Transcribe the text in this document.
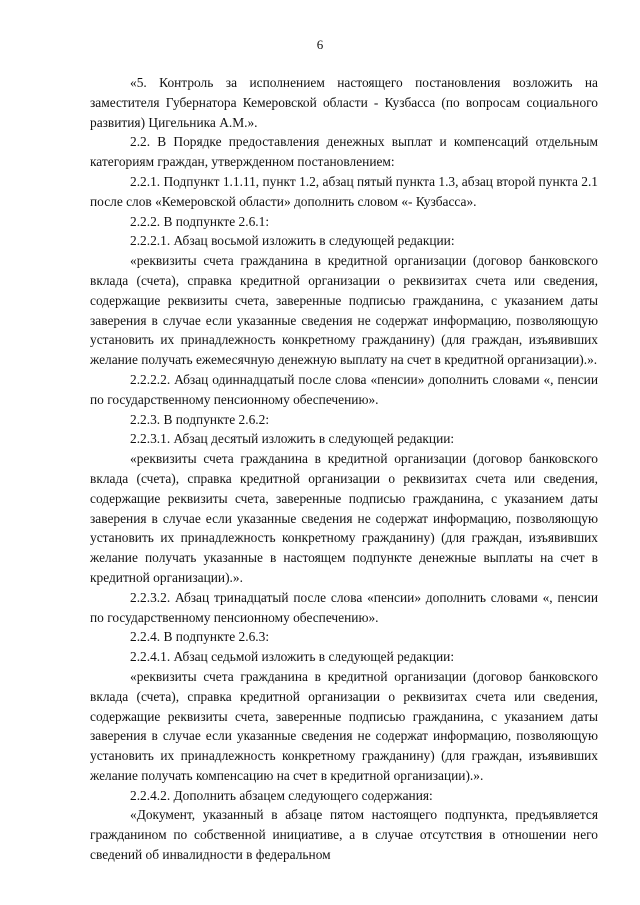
6

«5. Контроль за исполнением настоящего постановления возложить на заместителя Губернатора Кемеровской области - Кузбасса (по вопросам социального развития) Цигельника А.М.».

2.2. В Порядке предоставления денежных выплат и компенсаций отдельным категориям граждан, утвержденном постановлением:

2.2.1. Подпункт 1.1.11, пункт 1.2, абзац пятый пункта 1.3, абзац второй пункта 2.1 после слов «Кемеровской области» дополнить словом «- Кузбасса».

2.2.2. В подпункте 2.6.1:

2.2.2.1. Абзац восьмой изложить в следующей редакции:

«реквизиты счета гражданина в кредитной организации (договор банковского вклада (счета), справка кредитной организации о реквизитах счета или сведения, содержащие реквизиты счета, заверенные подписью гражданина, с указанием даты заверения в случае если указанные сведения не содержат информацию, позволяющую установить их принадлежность конкретному гражданину) (для граждан, изъявивших желание получать ежемесячную денежную выплату на счет в кредитной организации).».

2.2.2.2. Абзац одиннадцатый после слова «пенсии» дополнить словами «, пенсии по государственному пенсионному обеспечению».

2.2.3. В подпункте 2.6.2:

2.2.3.1. Абзац десятый изложить в следующей редакции:

«реквизиты счета гражданина в кредитной организации (договор банковского вклада (счета), справка кредитной организации о реквизитах счета или сведения, содержащие реквизиты счета, заверенные подписью гражданина, с указанием даты заверения в случае если указанные сведения не содержат информацию, позволяющую установить их принадлежность конкретному гражданину) (для граждан, изъявивших желание получать указанные в настоящем подпункте денежные выплаты на счет в кредитной организации).».

2.2.3.2. Абзац тринадцатый после слова «пенсии» дополнить словами «, пенсии по государственному пенсионному обеспечению».

2.2.4. В подпункте 2.6.3:

2.2.4.1. Абзац седьмой изложить в следующей редакции:

«реквизиты счета гражданина в кредитной организации (договор банковского вклада (счета), справка кредитной организации о реквизитах счета или сведения, содержащие реквизиты счета, заверенные подписью гражданина, с указанием даты заверения в случае если указанные сведения не содержат информацию, позволяющую установить их принадлежность конкретному гражданину) (для граждан, изъявивших желание получать компенсацию на счет в кредитной организации).».

2.2.4.2. Дополнить абзацем следующего содержания:

«Документ, указанный в абзаце пятом настоящего подпункта, предъявляется гражданином по собственной инициативе, а в случае отсутствия в отношении него сведений об инвалидности в федеральном
